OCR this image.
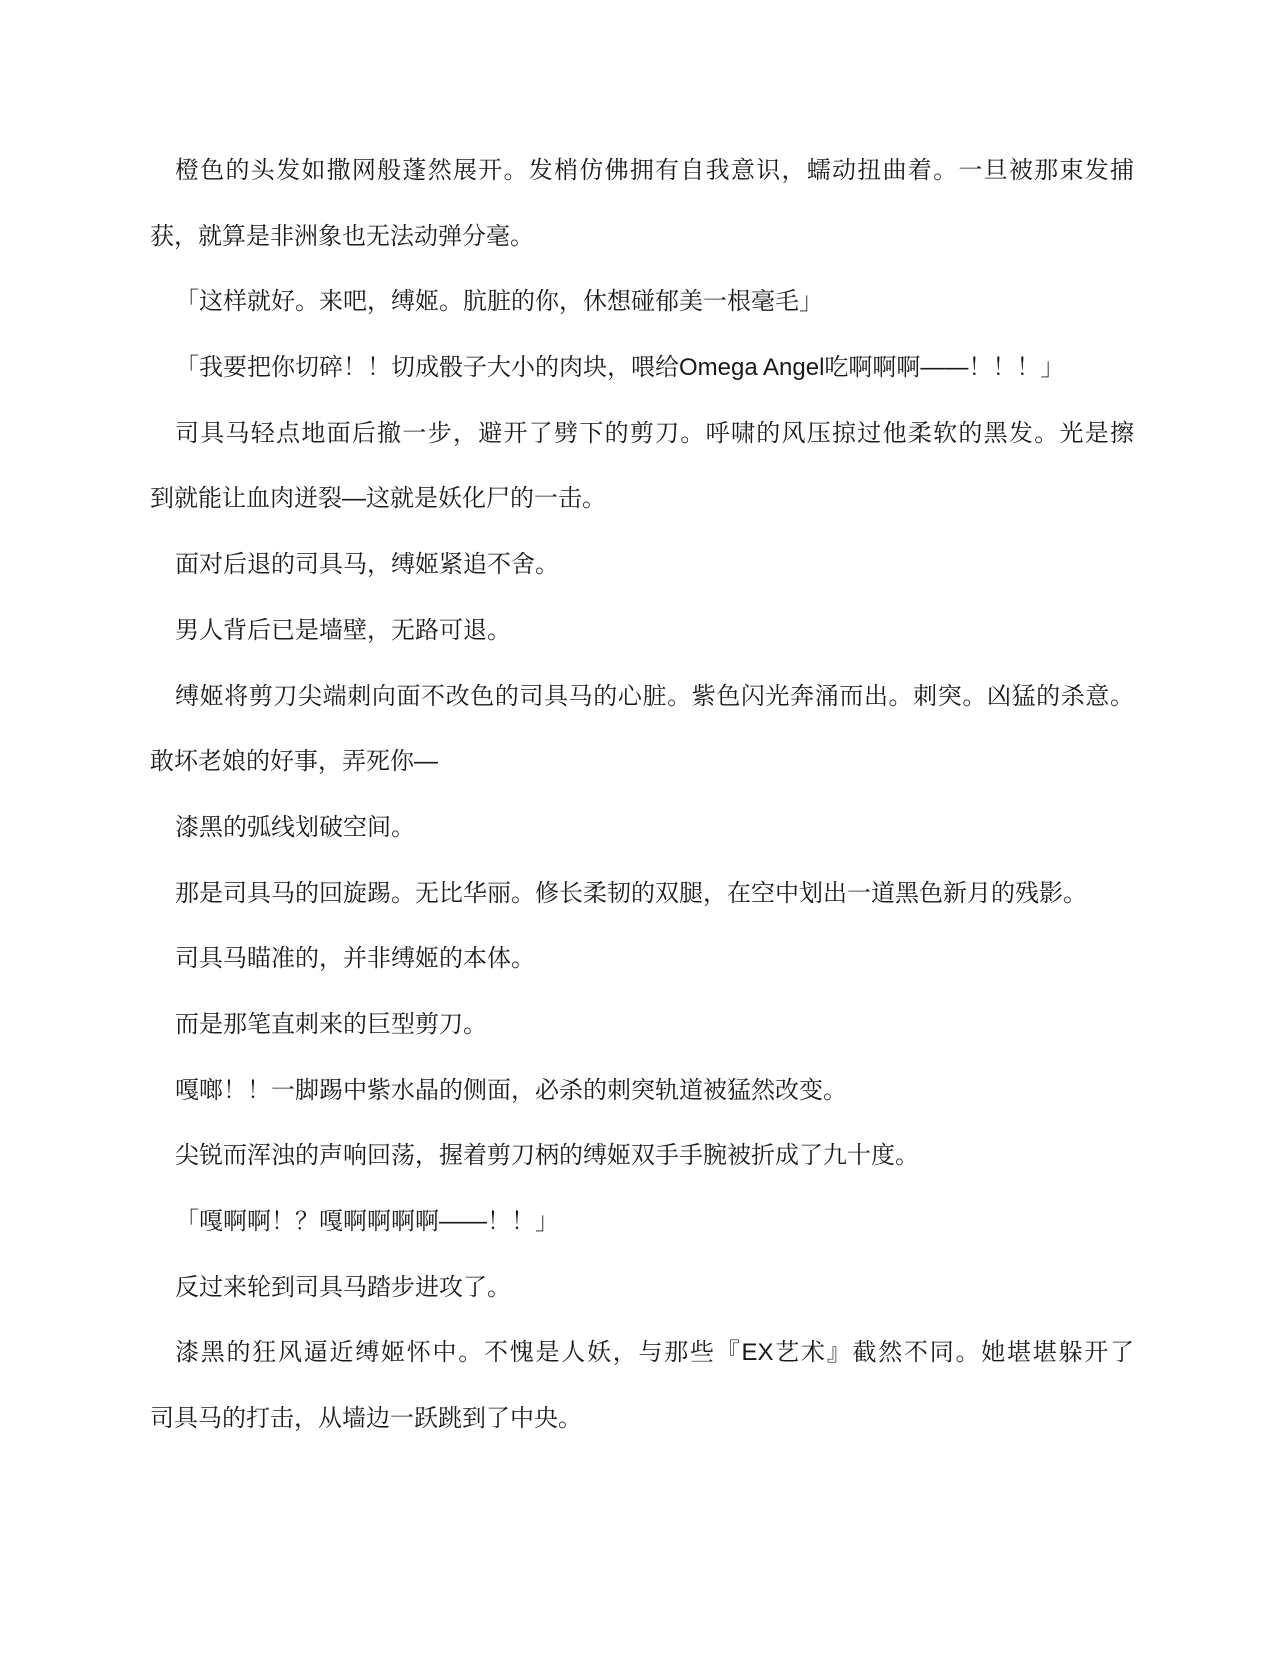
橙色的头发如撒网般蓬然展开。发梢仿佛拥有自我意识，蠕动扭曲着。一旦被那束发捕
获，就算是非洲象也无法动弹分毫。

「这样就好。来吧，缚姬。肮脏的你，休想碰郁美一根毫毛」

「我要把你切碎！！切成骰子大小的肉块，喂给Omega Angel吃啊啊啊——！！！」

司具马轻点地面后撤一步，避开了劈下的剪刀。呼啸的风压掠过他柔软的黑发。光是擦
到就能让血肉迸裂—这就是妖化尸的一击。

面对后退的司具马，缚姬紧追不舍。

男人背后已是墙壁，无路可退。

缚姬将剪刀尖端刺向面不改色的司具马的心脏。紫色闪光奔涌而出。刺突。凶猛的杀意。
敢坏老娘的好事，弄死你—

漆黑的弧线划破空间。

那是司具马的回旋踢。无比华丽。修长柔韧的双腿，在空中划出一道黑色新月的残影。

司具马瞄准的，并非缚姬的本体。

而是那笔直刺来的巨型剪刀。

嘎啷！！一脚踢中紫水晶的侧面，必杀的刺突轨道被猛然改变。

尖锐而浑浊的声响回荡，握着剪刀柄的缚姬双手手腕被折成了九十度。

「嘎啊啊！？嘎啊啊啊啊——！！」

反过来轮到司具马踏步进攻了。

漆黑的狂风逼近缚姬怀中。不愧是人妖，与那些『EX艺术』截然不同。她堪堪躲开了
司具马的打击，从墙边一跃跳到了中央。
